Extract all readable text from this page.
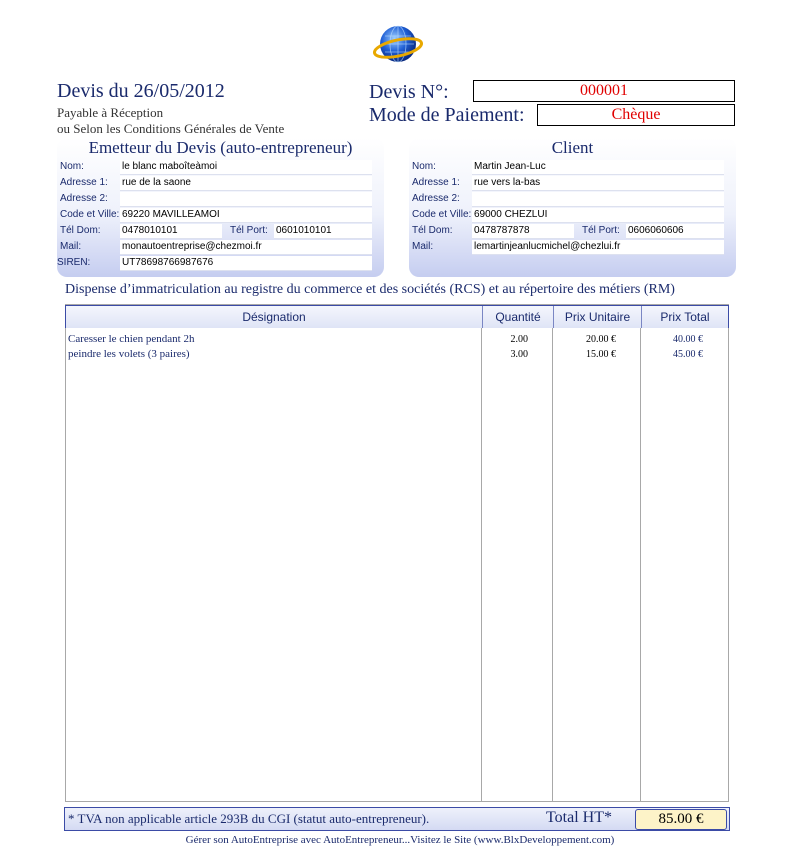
Devis du 26/05/2012
Payable à Réception
ou Selon les Conditions Générales de Vente
Devis N°:	000001
Mode de Paiement:	Chèque
Emetteur du Devis (auto-entrepreneur)
Nom:	le blanc maboîteàmoi
Adresse 1: rue de la saone
Adresse 2:
Code et Ville: 69220 MAVILLEAMOI
Tél Dom: 0478010101	Tél Port: 0601010101
Mail:	monautoentreprise@chezmoi.fr
SIREN:	UT78698766987676
Client
Nom:	Martin Jean-Luc
Adresse 1: rue vers la-bas
Adresse 2:
Code et Ville: 69000 CHEZLUI
Tél Dom: 0478787878	Tél Port: 0606060606
Mail:	lemartinjeanlucmichel@chezlui.fr
Dispense d’immatriculation au registre du commerce et des sociétés (RCS) et au répertoire des métiers (RM)
Désignation	Quantité	Prix Unitaire	Prix Total
Caresser le chien pendant 2h	2.00	20.00 €	40.00 €
peindre les volets (3 paires)	3.00	15.00 €	45.00 €
* TVA non applicable article 293B du CGI (statut auto-entrepreneur).	Total HT*	85.00 €
Gérer son AutoEntreprise avec AutoEntrepreneur...Visitez le Site (www.BlxDeveloppement.com)
